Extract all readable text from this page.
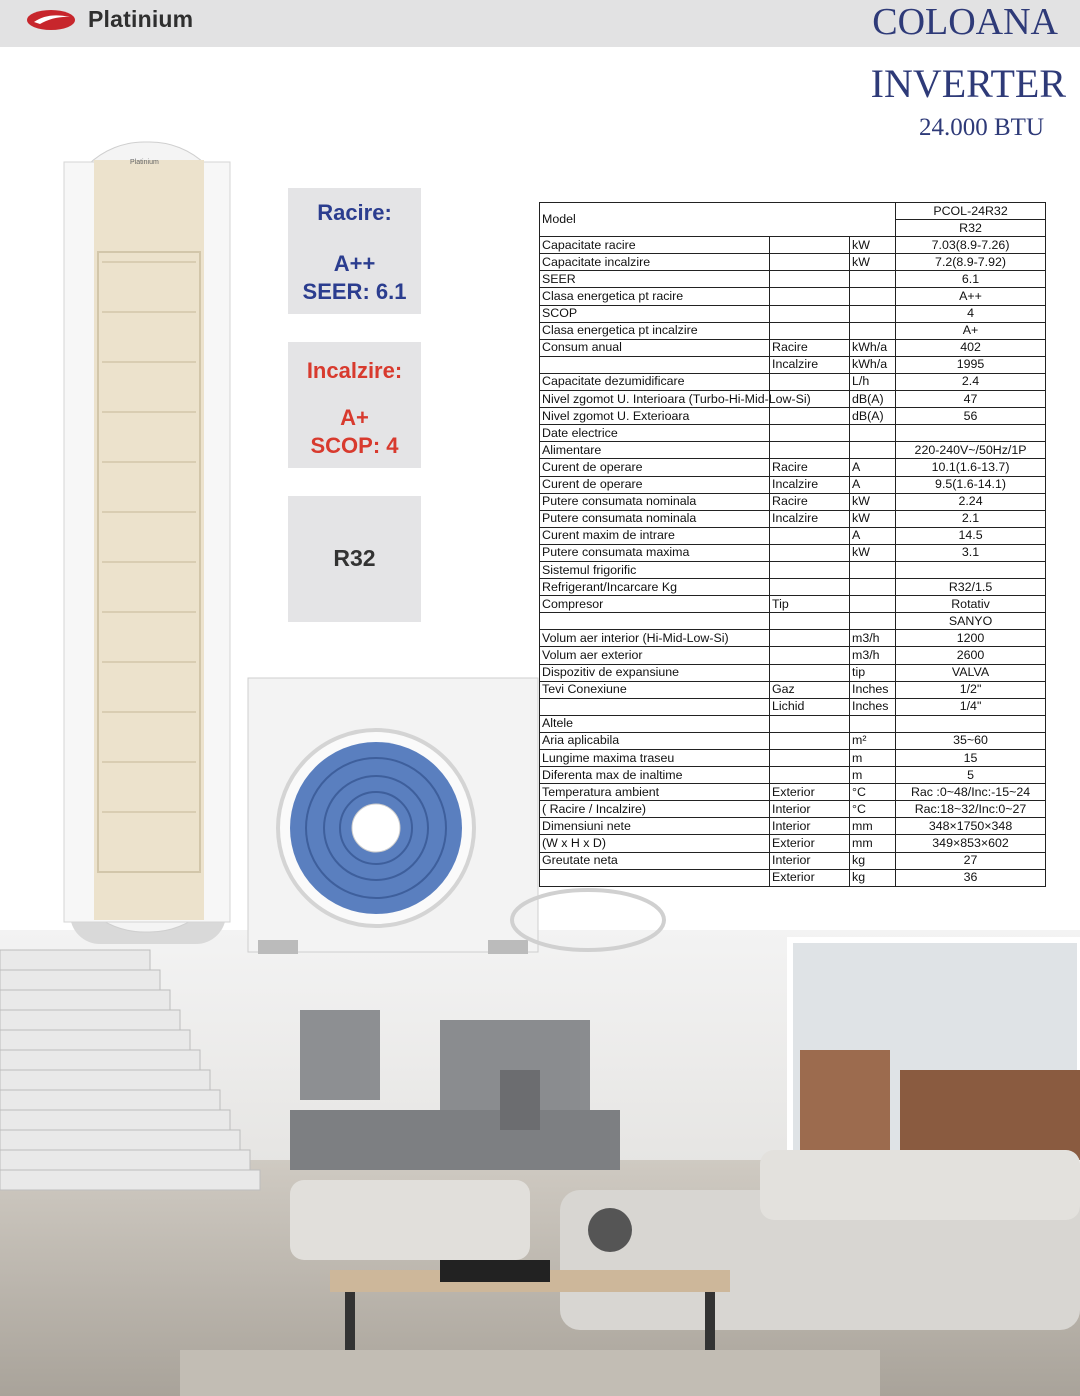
Platinium	COLOANA
INVERTER
24.000 BTU
Platinium
Racire:
A++
SEER: 6.1
Incalzire:
A+
SCOP: 4
R32
Model			PCOL-24R32
			R32
Capacitate racire		kW	7.03(8.9-7.26)
Capacitate incalzire		kW	7.2(8.9-7.92)
SEER			6.1
Clasa energetica pt racire			A++
SCOP			4
Clasa energetica pt incalzire			A+
Consum anual	Racire	kWh/a	402
	Incalzire	kWh/a	1995
Capacitate dezumidificare		L/h	2.4
Nivel zgomot U. Interioara (Turbo-Hi-Mid-Low-Si)		dB(A)	47
Nivel zgomot U. Exterioara		dB(A)	56
Date electrice			
Alimentare			220-240V~/50Hz/1P
Curent de operare	Racire	A	10.1(1.6-13.7)
Curent de operare	Incalzire	A	9.5(1.6-14.1)
Putere consumata nominala	Racire	kW	2.24
Putere consumata nominala	Incalzire	kW	2.1
Curent maxim de intrare		A	14.5
Putere consumata maxima		kW	3.1
Sistemul frigorific			
Refrigerant/Incarcare Kg			R32/1.5
Compresor	Tip		Rotativ
			SANYO
Volum aer interior (Hi-Mid-Low-Si)		m3/h	1200
Volum aer exterior		m3/h	2600
Dispozitiv de expansiune		tip	VALVA
Tevi Conexiune	Gaz	Inches	1/2"
	Lichid	Inches	1/4"
Altele			
Aria aplicabila		m²	35~60
Lungime maxima traseu		m	15
Diferenta max de inaltime		m	5
Temperatura ambient	Exterior	°C	Rac :0~48/Inc:-15~24
( Racire / Incalzire)	Interior	°C	Rac:18~32/Inc:0~27
Dimensiuni nete	Interior	mm	348×1750×348
(W x H x D)	Exterior	mm	349×853×602
Greutate neta	Interior	kg	27
	Exterior	kg	36
